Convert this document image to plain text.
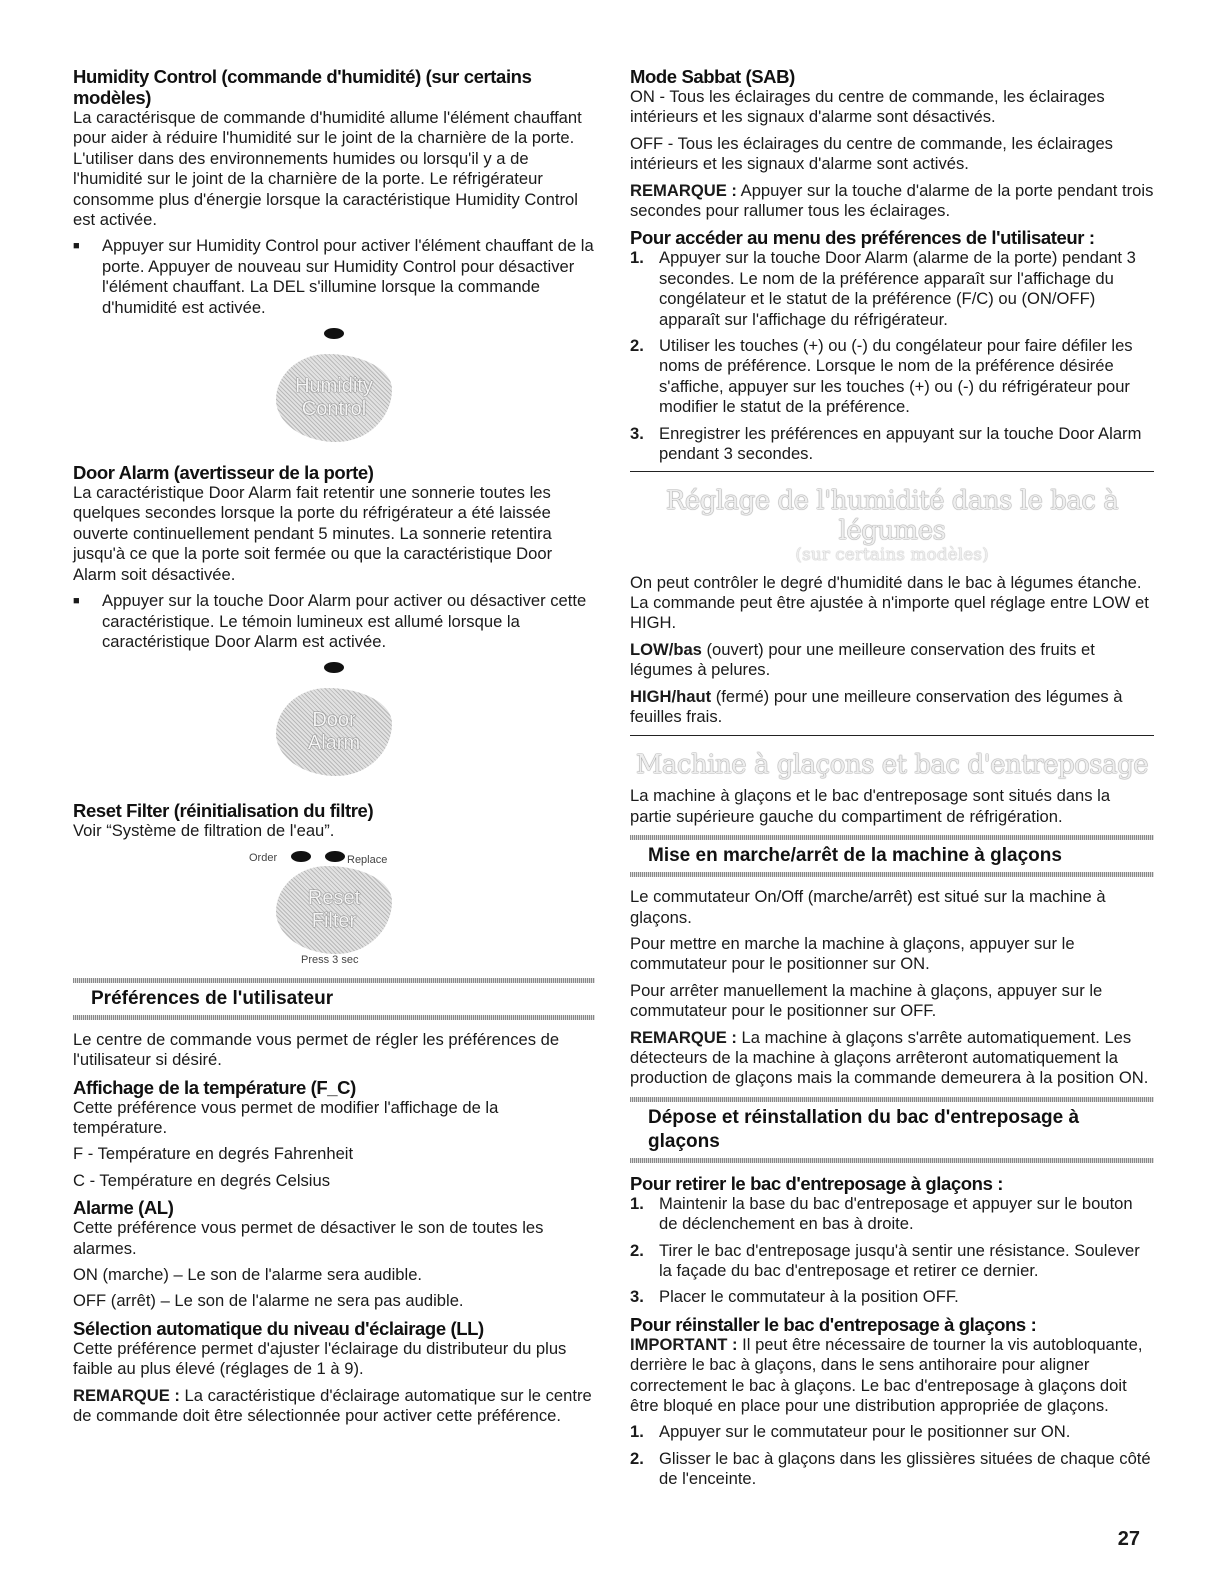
Humidity Control (commande d'humidité) (sur certains modèles)

La caractérisque de commande d'humidité allume l'élément chauffant pour aider à réduire l'humidité sur le joint de la charnière de la porte. L'utiliser dans des environnements humides ou lorsqu'il y a de l'humidité sur le joint de la charnière de la porte. Le réfrigérateur consomme plus d'énergie lorsque la caractéristique Humidity Control est activée.

■	Appuyer sur Humidity Control pour activer l'élément chauffant de la porte. Appuyer de nouveau sur Humidity Control pour désactiver l'élément chauffant. La DEL s'illumine lorsque la commande d'humidité est activée.
Humidity
Control
Door Alarm (avertisseur de la porte)

La caractéristique Door Alarm fait retentir une sonnerie toutes les quelques secondes lorsque la porte du réfrigérateur a été laissée ouverte continuellement pendant 5 minutes. La sonnerie retentira jusqu'à ce que la porte soit fermée ou que la caractéristique Door Alarm soit désactivée.

■	Appuyer sur la touche Door Alarm pour activer ou désactiver cette caractéristique. Le témoin lumineux est allumé lorsque la caractéristique Door Alarm est activée.
Door
Alarm
Reset Filter (réinitialisation du filtre)

Voir “Système de filtration de l'eau”.

Order	Replace
Reset
Filter
Press 3 sec
Préférences de l'utilisateur

Le centre de commande vous permet de régler les préférences de l'utilisateur si désiré.

Affichage de la température (F_C)

Cette préférence vous permet de modifier l'affichage de la température.

F - Température en degrés Fahrenheit

C - Température en degrés Celsius

Alarme (AL)

Cette préférence vous permet de désactiver le son de toutes les alarmes.

ON (marche) – Le son de l'alarme sera audible.

OFF (arrêt) – Le son de l'alarme ne sera pas audible.

Sélection automatique du niveau d'éclairage (LL)

Cette préférence permet d'ajuster l'éclairage du distributeur du plus faible au plus élevé (réglages de 1 à 9).

REMARQUE : La caractéristique d'éclairage automatique sur le centre de commande doit être sélectionnée pour activer cette préférence.

Mode Sabbat (SAB)

ON - Tous les éclairages du centre de commande, les éclairages intérieurs et les signaux d'alarme sont désactivés.

OFF - Tous les éclairages du centre de commande, les éclairages intérieurs et les signaux d'alarme sont activés.

REMARQUE : Appuyer sur la touche d'alarme de la porte pendant trois secondes pour rallumer tous les éclairages.

Pour accéder au menu des préférences de l'utilisateur :
1. Appuyer sur la touche Door Alarm (alarme de la porte) pendant 3 secondes. Le nom de la préférence apparaît sur l'affichage du congélateur et le statut de la préférence (F/C) ou (ON/OFF) apparaît sur l'affichage du réfrigérateur.
2. Utiliser les touches (+) ou (-) du congélateur pour faire défiler les noms de préférence. Lorsque le nom de la préférence désirée s'affiche, appuyer sur les touches (+) ou (-) du réfrigérateur pour modifier le statut de la préférence.
3. Enregistrer les préférences en appuyant sur la touche Door Alarm pendant 3 secondes.
Réglage de l'humidité dans le bac à légumes
(sur certains modèles)

On peut contrôler le degré d'humidité dans le bac à légumes étanche. La commande peut être ajustée à n'importe quel réglage entre LOW et HIGH.

LOW/bas (ouvert) pour une meilleure conservation des fruits et légumes à pelures.

HIGH/haut (fermé) pour une meilleure conservation des légumes à feuilles frais.

Machine à glaçons et bac d'entreposage

La machine à glaçons et le bac d'entreposage sont situés dans la partie supérieure gauche du compartiment de réfrigération.

Mise en marche/arrêt de la machine à glaçons

Le commutateur On/Off (marche/arrêt) est situé sur la machine à glaçons.

Pour mettre en marche la machine à glaçons, appuyer sur le commutateur pour le positionner sur ON.

Pour arrêter manuellement la machine à glaçons, appuyer sur le commutateur pour le positionner sur OFF.

REMARQUE : La machine à glaçons s'arrête automatiquement. Les détecteurs de la machine à glaçons arrêteront automatiquement la production de glaçons mais la commande demeurera à la position ON.

Dépose et réinstallation du bac d'entreposage à glaçons
Pour retirer le bac d'entreposage à glaçons :
1. Maintenir la base du bac d'entreposage et appuyer sur le bouton de déclenchement en bas à droite.
2. Tirer le bac d'entreposage jusqu'à sentir une résistance. Soulever la façade du bac d'entreposage et retirer ce dernier.
3. Placer le commutateur à la position OFF.
Pour réinstaller le bac d'entreposage à glaçons :

IMPORTANT : Il peut être nécessaire de tourner la vis autobloquante, derrière le bac à glaçons, dans le sens antihoraire pour aligner correctement le bac à glaçons. Le bac d'entreposage à glaçons doit être bloqué en place pour une distribution appropriée de glaçons.

1. Appuyer sur le commutateur pour le positionner sur ON.
2. Glisser le bac à glaçons dans les glissières situées de chaque côté de l'enceinte.
27
